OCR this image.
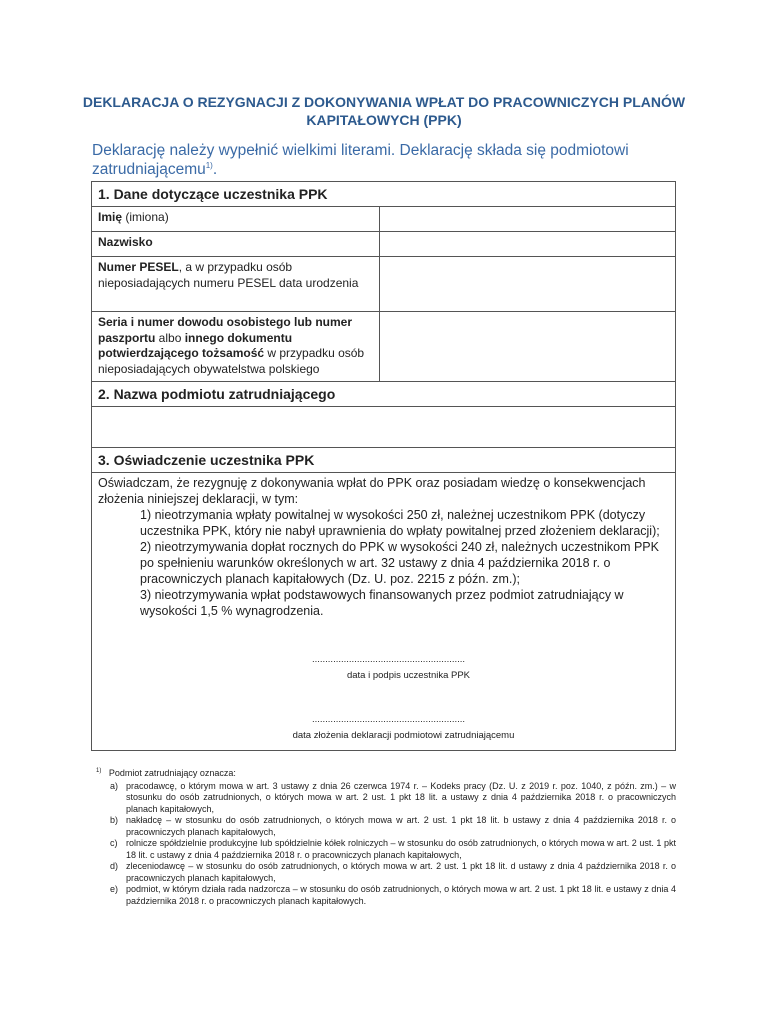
DEKLARACJA O REZYGNACJI Z DOKONYWANIA WPŁAT DO PRACOWNICZYCH PLANÓW KAPITAŁOWYCH (PPK)
Deklarację należy wypełnić wielkimi literami. Deklarację składa się podmiotowi zatrudniającemu$^{1)}$.
1. Dane dotyczące uczestnika PPK
Imię (imiona)
Nazwisko
Numer PESEL, a w przypadku osób nieposiadających numeru PESEL data urodzenia
Seria i numer dowodu osobistego lub numer paszportu albo innego dokumentu potwierdzającego tożsamość w przypadku osób nieposiadających obywatelstwa polskiego
2. Nazwa podmiotu zatrudniającego
3. Oświadczenie uczestnika PPK
Oświadczam, że rezygnuję z dokonywania wpłat do PPK oraz posiadam wiedzę o konsekwencjach złożenia niniejszej deklaracji, w tym:
1) nieotrzymania wpłaty powitalnej w wysokości 250 zł, należnej uczestnikom PPK (dotyczy uczestnika PPK, który nie nabył uprawnienia do wpłaty powitalnej przed złożeniem deklaracji);
2) nieotrzymywania dopłat rocznych do PPK w wysokości 240 zł, należnych uczestnikom PPK po spełnieniu warunków określonych w art. 32 ustawy z dnia 4 października 2018 r. o pracowniczych planach kapitałowych (Dz. U. poz. 2215 z późn. zm.);
3) nieotrzymywania wpłat podstawowych finansowanych przez podmiot zatrudniający w wysokości 1,5 % wynagrodzenia.
..........................................................
data i podpis uczestnika PPK
..........................................................
data złożenia deklaracji podmiotowi zatrudniającemu
$^{1)}$ Podmiot zatrudniający oznacza:
a) pracodawcę, o którym mowa w art. 3 ustawy z dnia 26 czerwca 1974 r. – Kodeks pracy (Dz. U. z 2019 r. poz. 1040, z późn. zm.) – w stosunku do osób zatrudnionych, o których mowa w art. 2 ust. 1 pkt 18 lit. a ustawy z dnia 4 października 2018 r. o pracowniczych planach kapitałowych,
b) nakładcę – w stosunku do osób zatrudnionych, o których mowa w art. 2 ust. 1 pkt 18 lit. b ustawy z dnia 4 października 2018 r. o pracowniczych planach kapitałowych,
c) rolnicze spółdzielnie produkcyjne lub spółdzielnie kółek rolniczych – w stosunku do osób zatrudnionych, o których mowa w art. 2 ust. 1 pkt 18 lit. c ustawy z dnia 4 października 2018 r. o pracowniczych planach kapitałowych,
d) zleceniodawcę – w stosunku do osób zatrudnionych, o których mowa w art. 2 ust. 1 pkt 18 lit. d ustawy z dnia 4 października 2018 r. o pracowniczych planach kapitałowych,
e) podmiot, w którym działa rada nadzorcza – w stosunku do osób zatrudnionych, o których mowa w art. 2 ust. 1 pkt 18 lit. e ustawy z dnia 4 października 2018 r. o pracowniczych planach kapitałowych.
